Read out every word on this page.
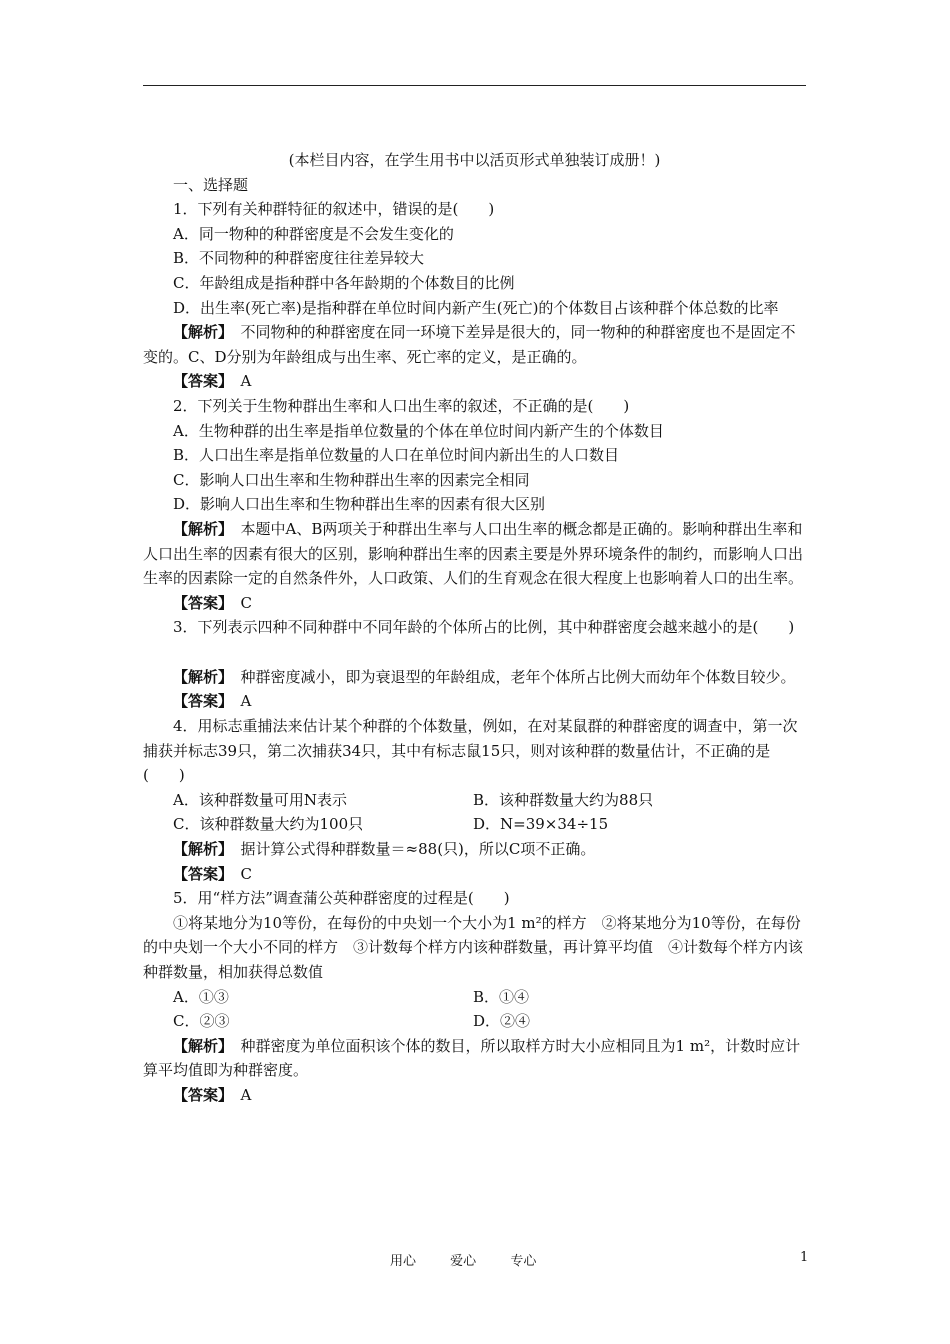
(本栏目内容，在学生用书中以活页形式单独装订成册！)

一、选择题

1．下列有关种群特征的叙述中，错误的是(　　)

A．同一物种的种群密度是不会发生变化的

B．不同物种的种群密度往往差异较大

C．年龄组成是指种群中各年龄期的个体数目的比例

D．出生率(死亡率)是指种群在单位时间内新产生(死亡)的个体数目占该种群个体总数的比率

【解析】　 不同物种的种群密度在同一环境下差异是很大的，同一物种的种群密度也不是固定不变的。C、D分别为年龄组成与出生率、死亡率的定义，是正确的。

【答案】　 A

2．下列关于生物种群出生率和人口出生率的叙述，不正确的是(　　)

A．生物种群的出生率是指单位数量的个体在单位时间内新产生的个体数目

B．人口出生率是指单位数量的人口在单位时间内新出生的人口数目

C．影响人口出生率和生物种群出生率的因素完全相同

D．影响人口出生率和生物种群出生率的因素有很大区别

【解析】　 本题中A、B两项关于种群出生率与人口出生率的概念都是正确的。影响种群出生率和人口出生率的因素有很大的区别，影响种群出生率的因素主要是外界环境条件的制约，而影响人口出生率的因素除一定的自然条件外，人口政策、人们的生育观念在很大程度上也影响着人口的出生率。

【答案】　 C

3．下列表示四种不同种群中不同年龄的个体所占的比例，其中种群密度会越来越小的是(　　)

【解析】　 种群密度减小，即为衰退型的年龄组成，老年个体所占比例大而幼年个体数目较少。

【答案】　 A

4．用标志重捕法来估计某个种群的个体数量，例如，在对某鼠群的种群密度的调查中，第一次捕获并标志39只，第二次捕获34只，其中有标志鼠15只，则对该种群的数量估计，不正确的是(　　)

A．该种群数量可用N表示	B．该种群数量大约为88只
C．该种群数量大约为100只	D．N=39×34÷15

【解析】　 据计算公式得种群数量＝≈88(只)，所以C项不正确。

【答案】　 C

5．用“样方法”调查蒲公英种群密度的过程是(　　)

①将某地分为10等份，在每份的中央划一个大小为1 m²的样方　②将某地分为10等份，在每份的中央划一个大小不同的样方　③计数每个样方内该种群数量，再计算平均值　④计数每个样方内该种群数量，相加获得总数值

A．①③	B．①④
C．②③	D．②④

【解析】　 种群密度为单位面积该个体的数目，所以取样方时大小应相同且为1 m²，计数时应计算平均值即为种群密度。

【答案】　 A

用心	爱心	专心	1
